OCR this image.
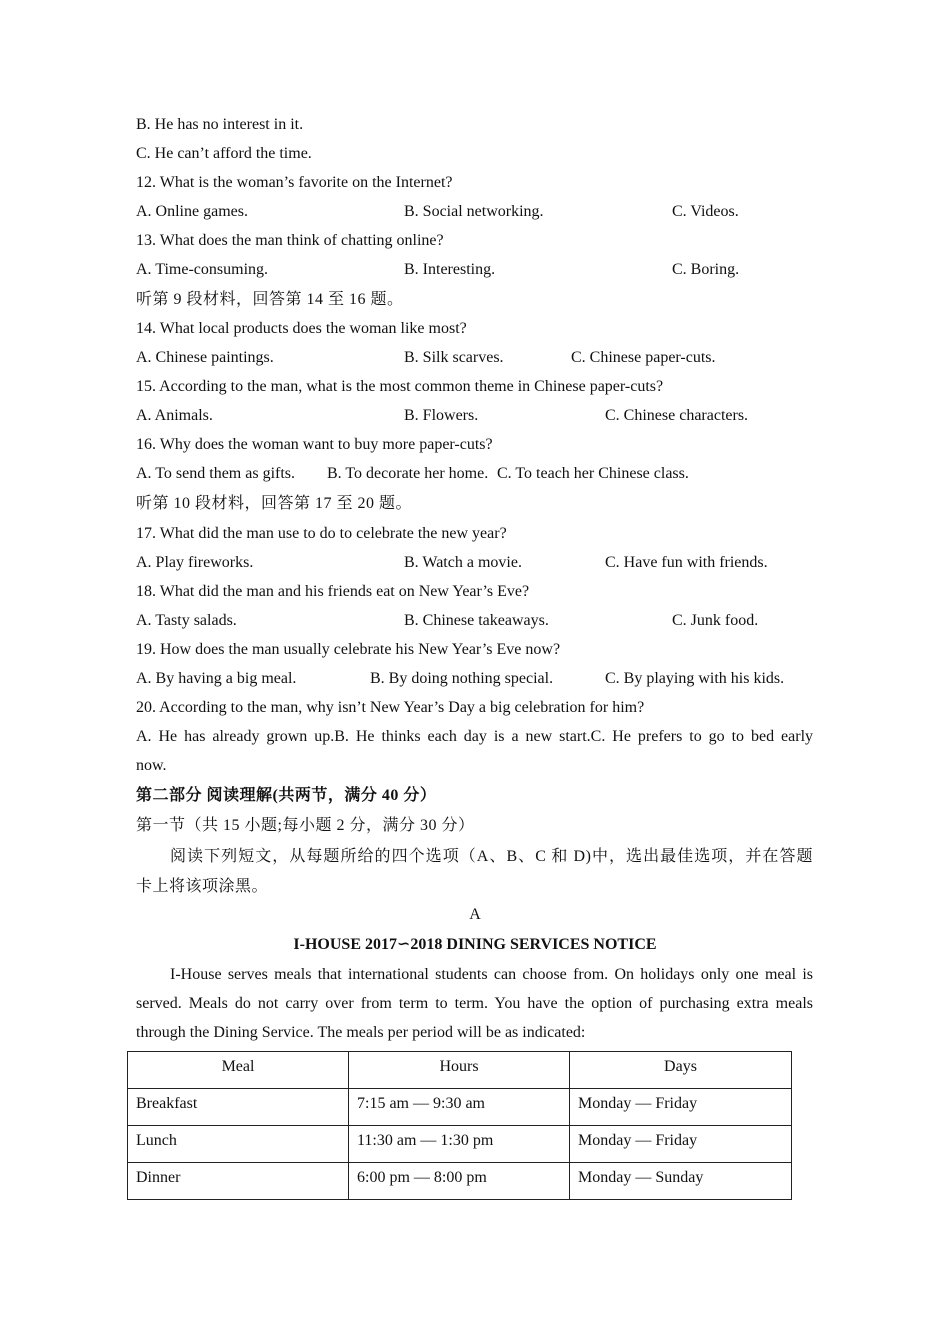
B. He has no interest in it.
C. He can’t afford the time.
12. What is the woman’s favorite on the Internet?
A. Online games.	B. Social networking.	C. Videos.
13. What does the man think of chatting online?
A. Time-consuming.	B. Interesting.	C. Boring.
听第 9 段材料，回答第 14 至 16 题。
14. What local products does the woman like most?
A. Chinese paintings.	B. Silk scarves.	C. Chinese paper-cuts.
15. According to the man, what is the most common theme in Chinese paper-cuts?
A. Animals.	B. Flowers.	C. Chinese characters.
16. Why does the woman want to buy more paper-cuts?
A. To send them as gifts. B. To decorate her home. C. To teach her Chinese class.
听第 10 段材料，回答第 17 至 20 题。
17. What did the man use to do to celebrate the new year?
A. Play fireworks.	B. Watch a movie.	C. Have fun with friends.
18. What did the man and his friends eat on New Year’s Eve?
A. Tasty salads.	B. Chinese takeaways.	C. Junk food.
19. How does the man usually celebrate his New Year’s Eve now?
A. By having a big meal.	B. By doing nothing special.	C. By playing with his kids.
20. According to the man, why isn’t New Year’s Day a big celebration for him?
A. He has already grown up.B. He thinks each day is a new start.C. He prefers to go to bed early
now.
第二部分 阅读理解(共两节，满分 40 分）
第一节（共 15 小题;每小题 2 分，满分 30 分）
阅读下列短文，从每题所给的四个选项（A、B、C 和 D)中，选出最佳选项，并在答题
卡上将该项涂黑。
A
I-HOUSE 2017∽2018 DINING SERVICES NOTICE
I-House serves meals that international students can choose from. On holidays only one meal is
served. Meals do not carry over from term to term. You have the option of purchasing extra meals
through the Dining Service. The meals per period will be as indicated:
Meal	Hours	Days
Breakfast	7:15 am — 9:30 am	Monday — Friday
Lunch	11:30 am — 1:30 pm	Monday — Friday
Dinner	6:00 pm — 8:00 pm	Monday — Sunday
